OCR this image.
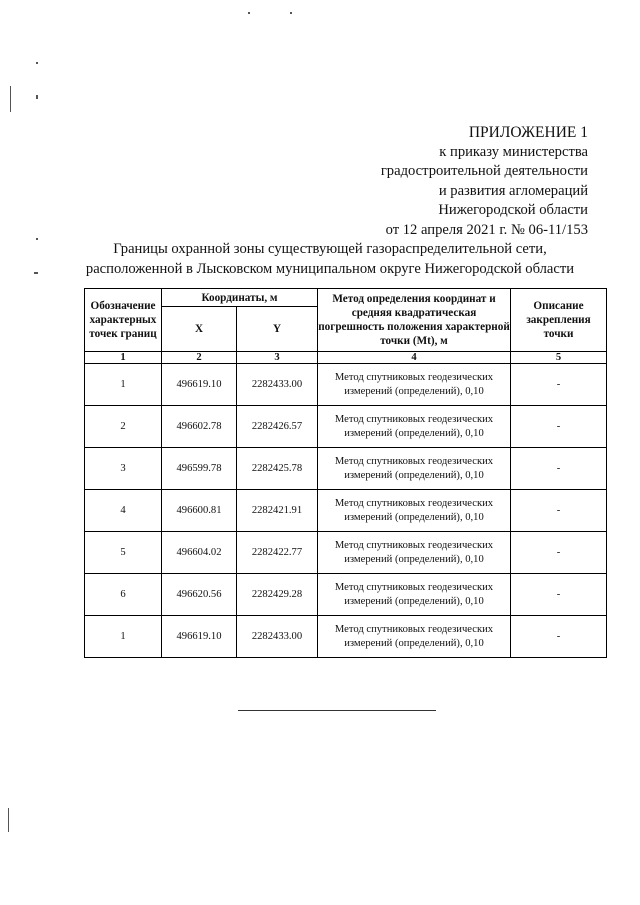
ПРИЛОЖЕНИЕ 1
к приказу министерства
градостроительной деятельности
и развития агломераций
Нижегородской области
от 12 апреля 2021 г. № 06-11/153
Границы охранной зоны существующей газораспределительной сети,
расположенной в Лысковском муниципальном округе Нижегородской области
Обозначение характерных точек границ	Координаты, м		Метод определения координат и средняя квадратическая погрешность положения характерной точки (Mt), м	Описание закрепления точки
	X	Y		
1	2	3	4	5
1	496619.10	2282433.00	Метод спутниковых геодезических измерений (определений), 0,10	-
2	496602.78	2282426.57	Метод спутниковых геодезических измерений (определений), 0,10	-
3	496599.78	2282425.78	Метод спутниковых геодезических измерений (определений), 0,10	-
4	496600.81	2282421.91	Метод спутниковых геодезических измерений (определений), 0,10	-
5	496604.02	2282422.77	Метод спутниковых геодезических измерений (определений), 0,10	-
6	496620.56	2282429.28	Метод спутниковых геодезических измерений (определений), 0,10	-
1	496619.10	2282433.00	Метод спутниковых геодезических измерений (определений), 0,10	-
